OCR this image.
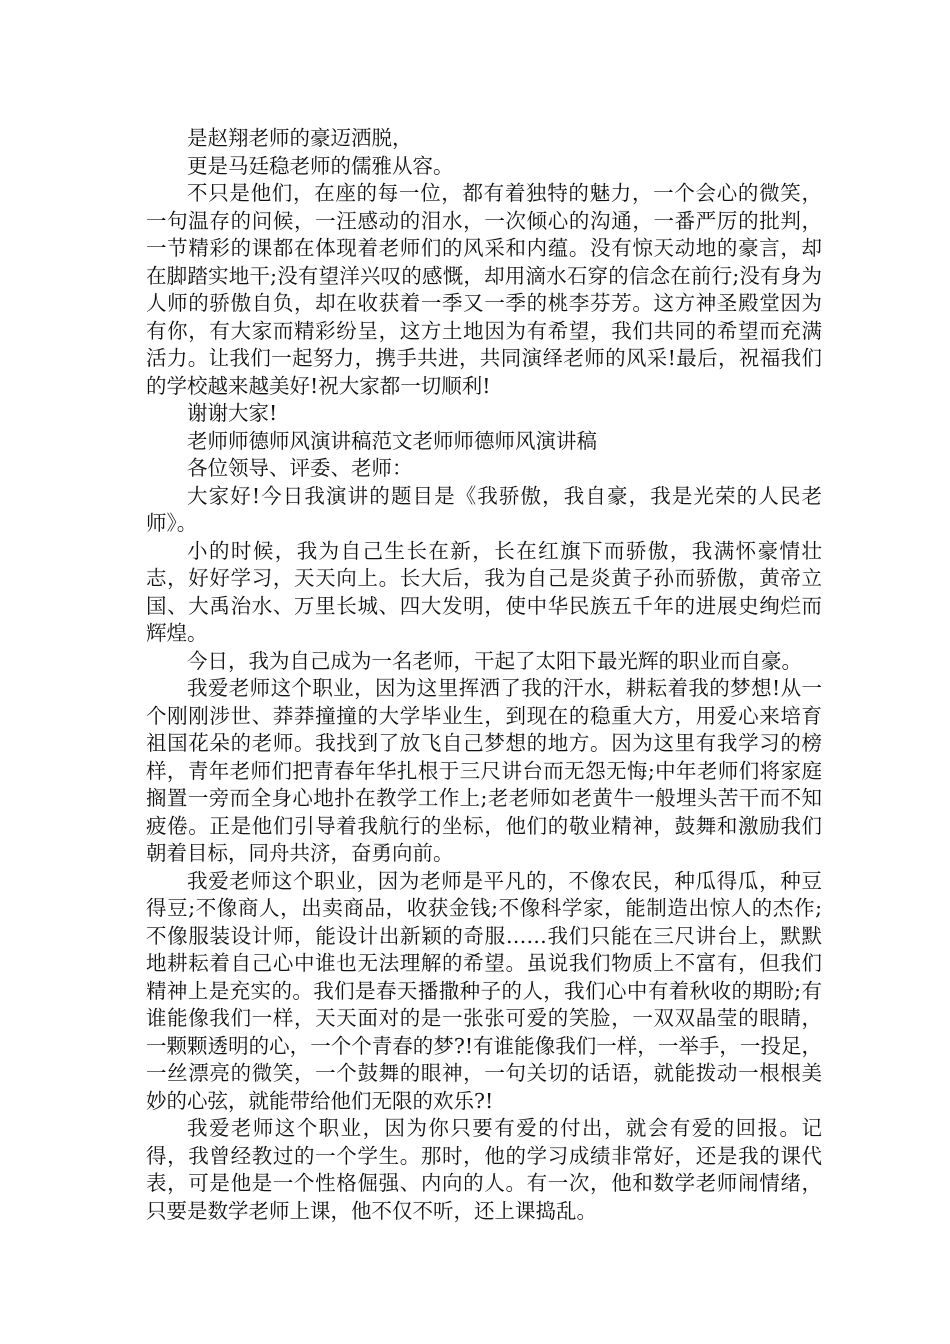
是赵翔老师的豪迈洒脱，

更是马廷稳老师的儒雅从容。

不只是他们，在座的每一位，都有着独特的魅力，一个会心的微笑，一句温存的问候，一汪感动的泪水，一次倾心的沟通，一番严厉的批判，一节精彩的课都在体现着老师们的风采和内蕴。没有惊天动地的豪言，却在脚踏实地干;没有望洋兴叹的感慨，却用滴水石穿的信念在前行;没有身为人师的骄傲自负，却在收获着一季又一季的桃李芬芳。这方神圣殿堂因为有你，有大家而精彩纷呈，这方土地因为有希望，我们共同的希望而充满活力。让我们一起努力，携手共进，共同演绎老师的风采!最后，祝福我们的学校越来越美好!祝大家都一切顺利!

谢谢大家!

老师师德师风演讲稿范文老师师德师风演讲稿

各位领导、评委、老师：

大家好!今日我演讲的题目是《我骄傲，我自豪，我是光荣的人民老师》。

小的时候，我为自己生长在新，长在红旗下而骄傲，我满怀豪情壮志，好好学习，天天向上。长大后，我为自己是炎黄子孙而骄傲，黄帝立国、大禹治水、万里长城、四大发明，使中华民族五千年的进展史绚烂而辉煌。

今日，我为自己成为一名老师，干起了太阳下最光辉的职业而自豪。

我爱老师这个职业，因为这里挥洒了我的汗水，耕耘着我的梦想!从一个刚刚涉世、莽莽撞撞的大学毕业生，到现在的稳重大方，用爱心来培育祖国花朵的老师。我找到了放飞自己梦想的地方。因为这里有我学习的榜样，青年老师们把青春年华扎根于三尺讲台而无怨无悔;中年老师们将家庭搁置一旁而全身心地扑在教学工作上;老老师如老黄牛一般埋头苦干而不知疲倦。正是他们引导着我航行的坐标，他们的敬业精神，鼓舞和激励我们朝着目标，同舟共济，奋勇向前。

我爱老师这个职业，因为老师是平凡的，不像农民，种瓜得瓜，种豆得豆;不像商人，出卖商品，收获金钱;不像科学家，能制造出惊人的杰作;不像服装设计师，能设计出新颖的奇服……我们只能在三尺讲台上，默默地耕耘着自己心中谁也无法理解的希望。虽说我们物质上不富有，但我们精神上是充实的。我们是春天播撒种子的人，我们心中有着秋收的期盼;有谁能像我们一样，天天面对的是一张张可爱的笑脸，一双双晶莹的眼睛，一颗颗透明的心，一个个青春的梦?!有谁能像我们一样，一举手，一投足，一丝漂亮的微笑，一个鼓舞的眼神，一句关切的话语，就能拨动一根根美妙的心弦，就能带给他们无限的欢乐?!

我爱老师这个职业，因为你只要有爱的付出，就会有爱的回报。记得，我曾经教过的一个学生。那时，他的学习成绩非常好，还是我的课代表，可是他是一个性格倔强、内向的人。有一次，他和数学老师闹情绪，只要是数学老师上课，他不仅不听，还上课捣乱。
